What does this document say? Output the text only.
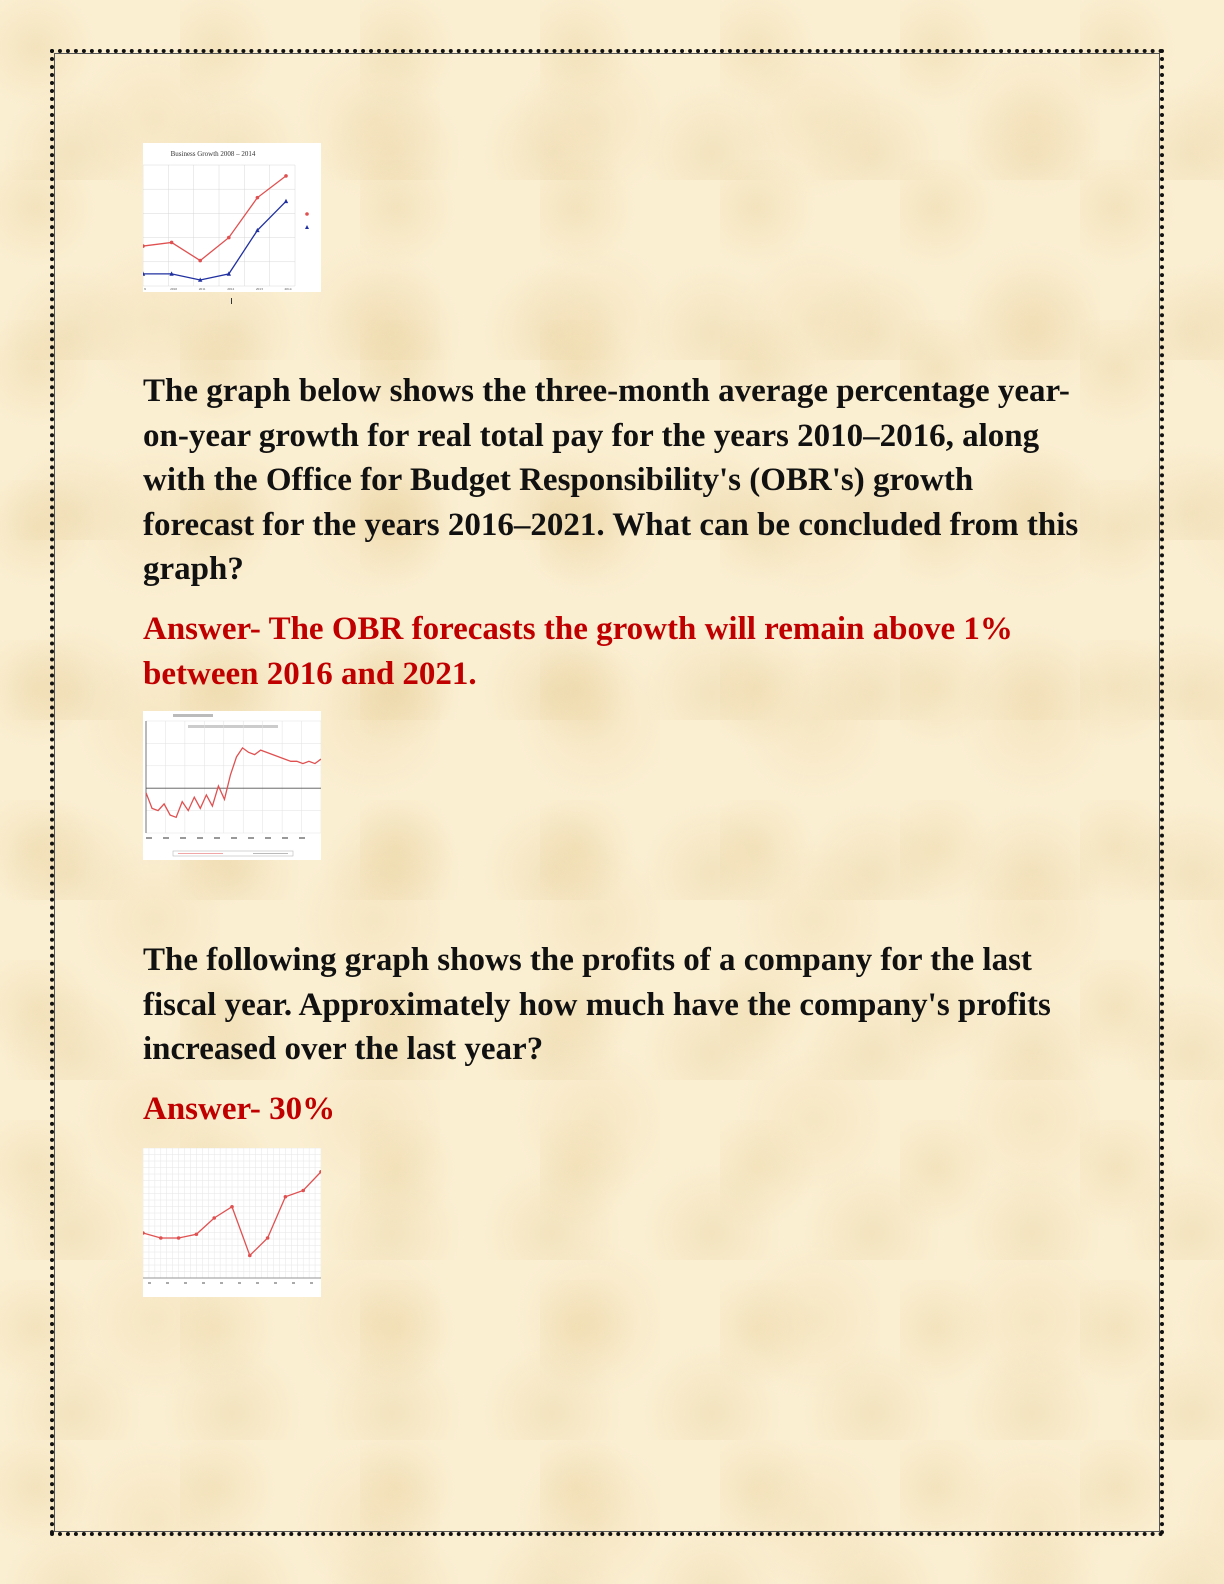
Business Growth 2008 – 2014
9	2010	2011	2012	2013	2014

The graph below shows the three-month average percentage year-on-year growth for real total pay for the years 2010–2016, along with the Office for Budget Responsibility's (OBR's) growth forecast for the years 2016–2021. What can be concluded from this graph?

Answer- The OBR forecasts the growth will remain above 1% between 2016 and 2021.

The following graph shows the profits of a company for the last fiscal year. Approximately how much have the company's profits increased over the last year?

Answer- 30%
